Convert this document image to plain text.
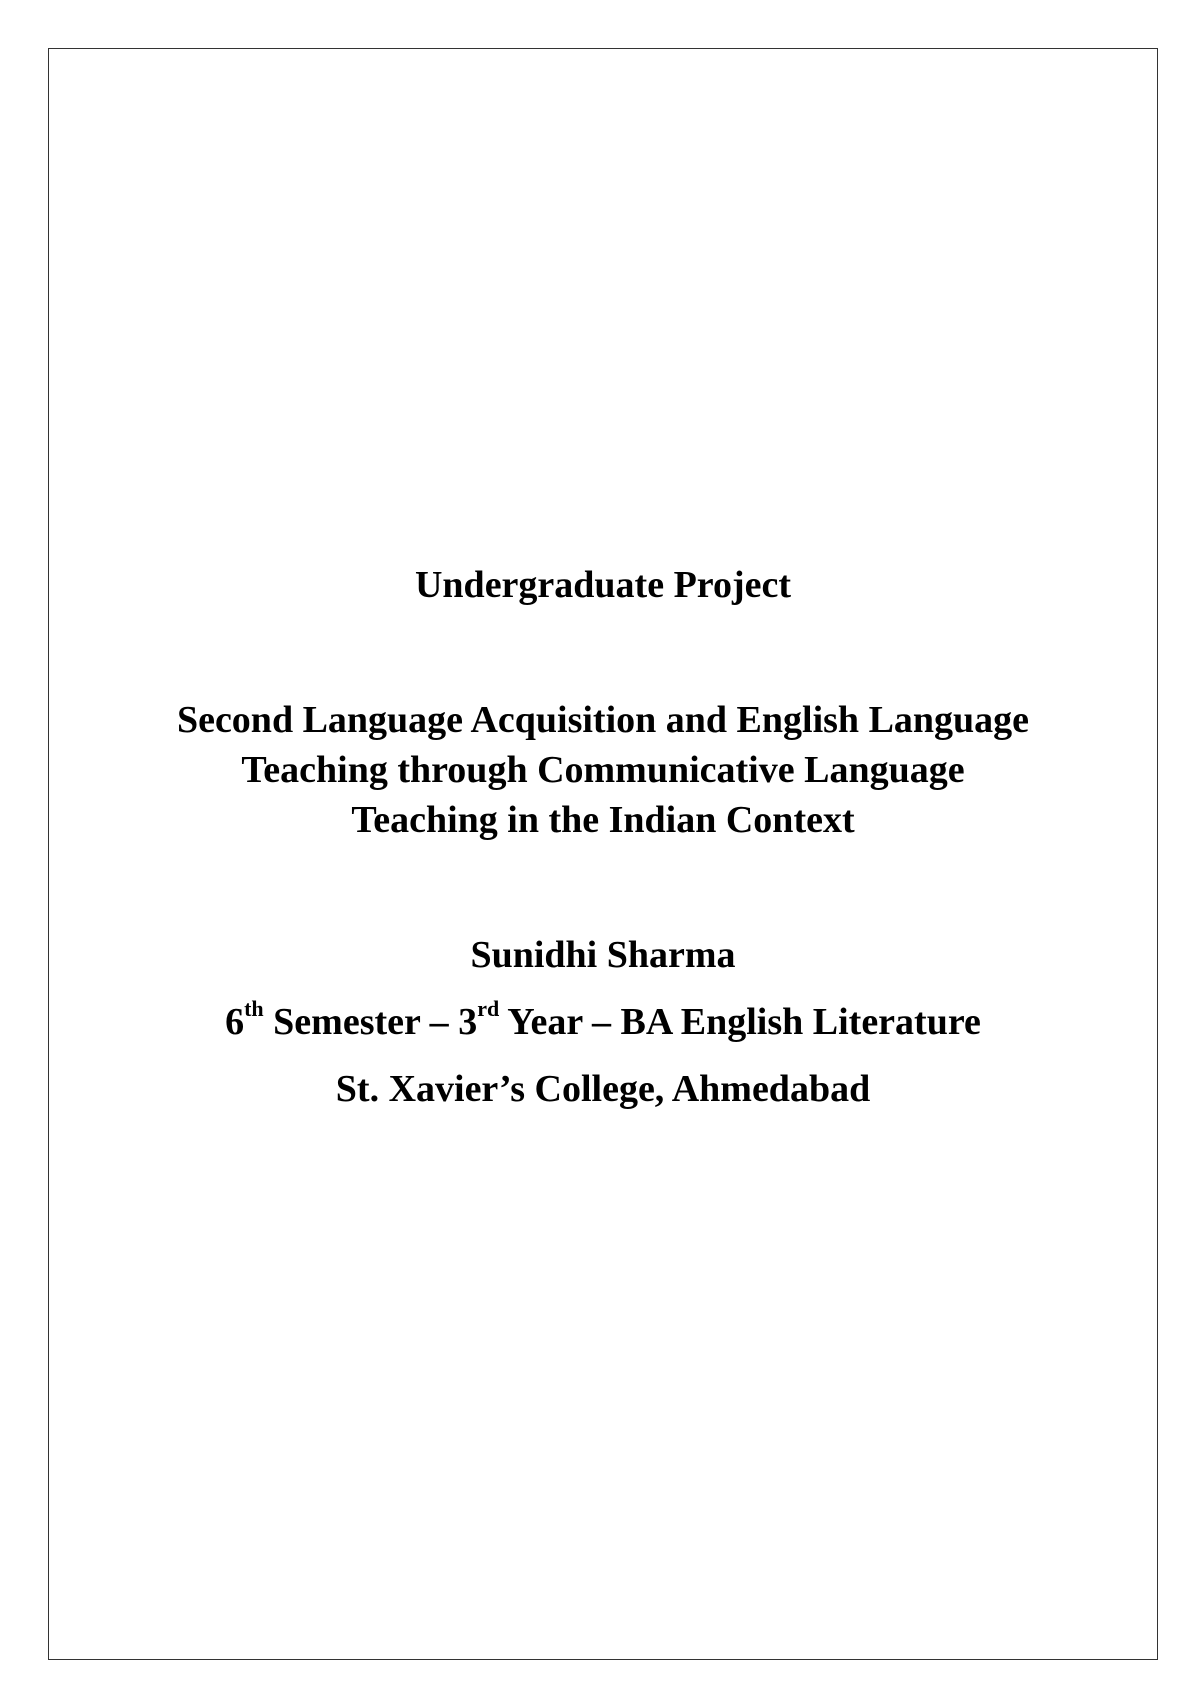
Undergraduate Project
Second Language Acquisition and English Language
Teaching through Communicative Language
Teaching in the Indian Context
Sunidhi Sharma
6th Semester – 3rd Year – BA English Literature
St. Xavier’s College, Ahmedabad
